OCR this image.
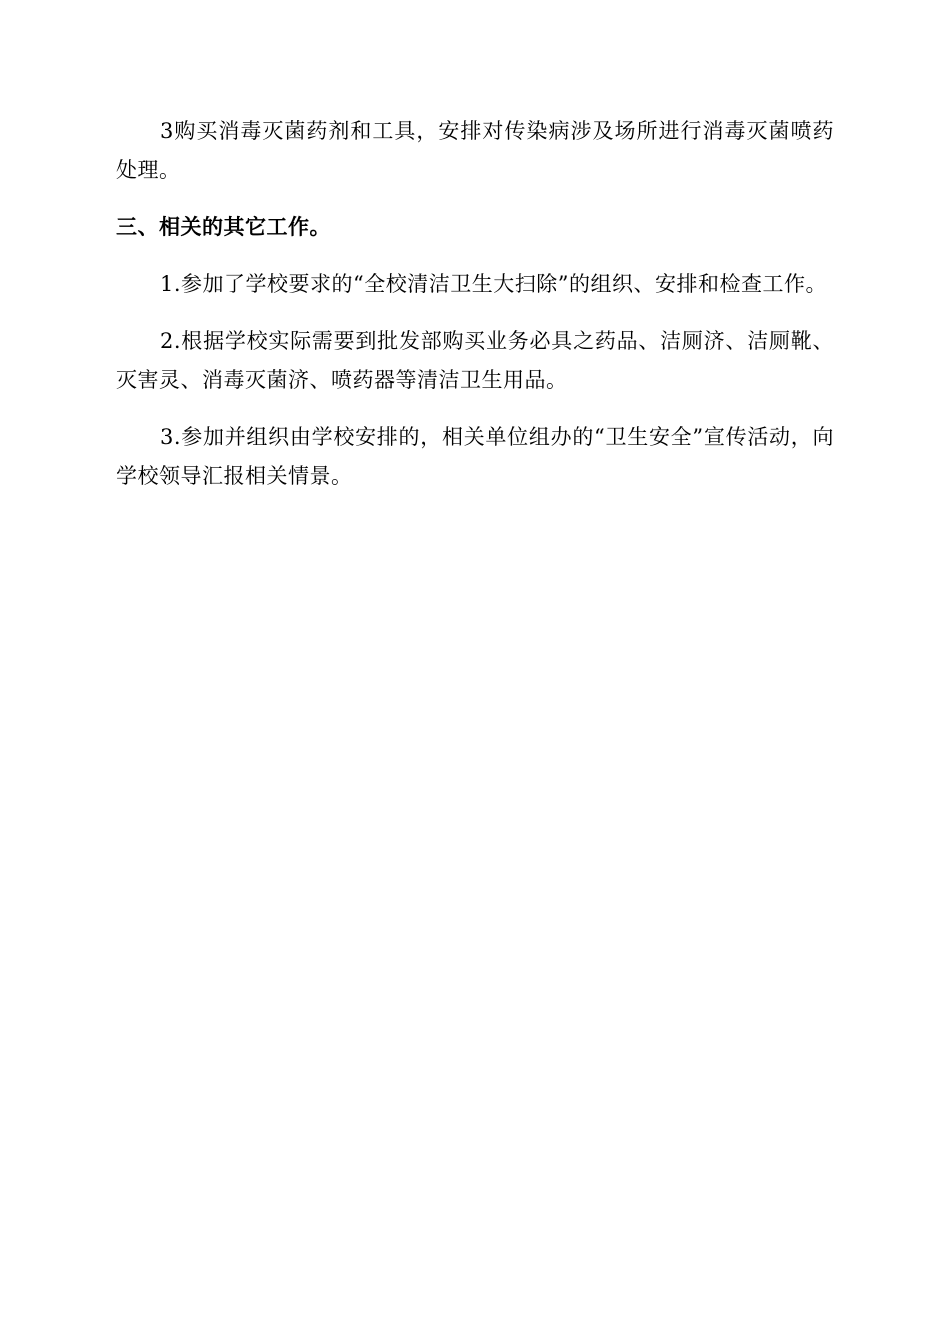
3购买消毒灭菌药剂和工具，安排对传染病涉及场所进行消毒灭菌喷药处理。

三、相关的其它工作。

1.参加了学校要求的“全校清洁卫生大扫除”的组织、安排和检查工作。

2.根据学校实际需要到批发部购买业务必具之药品、洁厕济、洁厕靴、灭害灵、消毒灭菌济、喷药器等清洁卫生用品。

3.参加并组织由学校安排的，相关单位组办的“卫生安全”宣传活动，向学校领导汇报相关情景。
